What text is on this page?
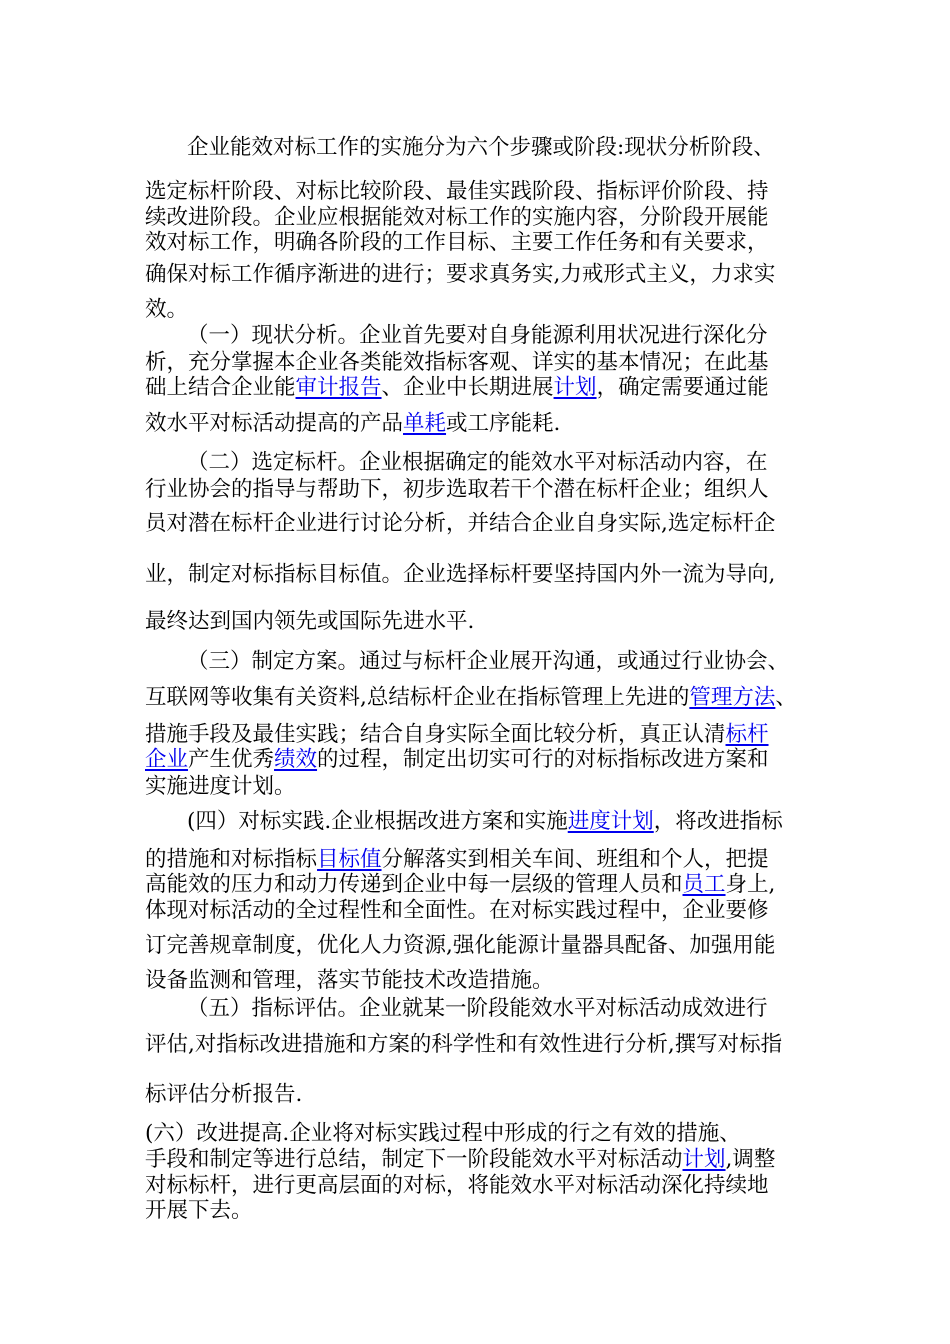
企业能效对标工作的实施分为六个步骤或阶段:现状分析阶段、
选定标杆阶段、对标比较阶段、最佳实践阶段、指标评价阶段、持
续改进阶段。企业应根据能效对标工作的实施内容，分阶段开展能
效对标工作，明确各阶段的工作目标、主要工作任务和有关要求，
确保对标工作循序渐进的进行；要求真务实,力戒形式主义，力求实
效。
（一）现状分析。企业首先要对自身能源利用状况进行深化分
析，充分掌握本企业各类能效指标客观、详实的基本情况；在此基
础上结合企业能审计报告、企业中长期进展计划，确定需要通过能
效水平对标活动提高的产品单耗或工序能耗.
（二）选定标杆。企业根据确定的能效水平对标活动内容，在
行业协会的指导与帮助下，初步选取若干个潜在标杆企业；组织人
员对潜在标杆企业进行讨论分析，并结合企业自身实际,选定标杆企
业，制定对标指标目标值。企业选择标杆要坚持国内外一流为导向,
最终达到国内领先或国际先进水平.
（三）制定方案。通过与标杆企业展开沟通，或通过行业协会、
互联网等收集有关资料,总结标杆企业在指标管理上先进的管理方法、
措施手段及最佳实践；结合自身实际全面比较分析，真正认清标杆
企业产生优秀绩效的过程，制定出切实可行的对标指标改进方案和
实施进度计划。
(四）对标实践.企业根据改进方案和实施进度计划，将改进指标
的措施和对标指标目标值分解落实到相关车间、班组和个人，把提
高能效的压力和动力传递到企业中每一层级的管理人员和员工身上,
体现对标活动的全过程性和全面性。在对标实践过程中，企业要修
订完善规章制度，优化人力资源,强化能源计量器具配备、加强用能
设备监测和管理，落实节能技术改造措施。
（五）指标评估。企业就某一阶段能效水平对标活动成效进行
评估,对指标改进措施和方案的科学性和有效性进行分析,撰写对标指
标评估分析报告.
(六）改进提高.企业将对标实践过程中形成的行之有效的措施、
手段和制定等进行总结，制定下一阶段能效水平对标活动计划,调整
对标标杆，进行更高层面的对标，将能效水平对标活动深化持续地
开展下去。
